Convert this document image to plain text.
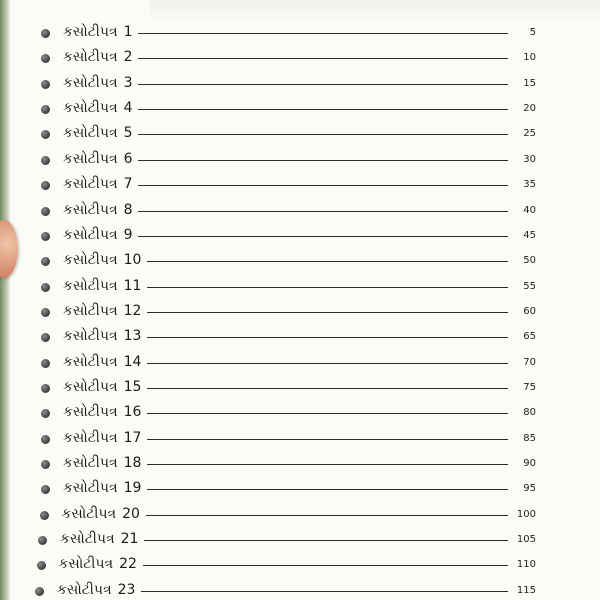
કસોટીપત્ર 1	5
કસોટીપત્ર 2	10
કસોટીપત્ર 3	15
કસોટીપત્ર 4	20
કસોટીપત્ર 5	25
કસોટીપત્ર 6	30
કસોટીપત્ર 7	35
કસોટીપત્ર 8	40
કસોટીપત્ર 9	45
કસોટીપત્ર 10	50
કસોટીપત્ર 11	55
કસોટીપત્ર 12	60
કસોટીપત્ર 13	65
કસોટીપત્ર 14	70
કસોટીપત્ર 15	75
કસોટીપત્ર 16	80
કસોટીપત્ર 17	85
કસોટીપત્ર 18	90
કસોટીપત્ર 19	95
કસોટીપત્ર 20	100
કસોટીપત્ર 21	105
કસોટીપત્ર 22	110
કસોટીપત્ર 23	115
